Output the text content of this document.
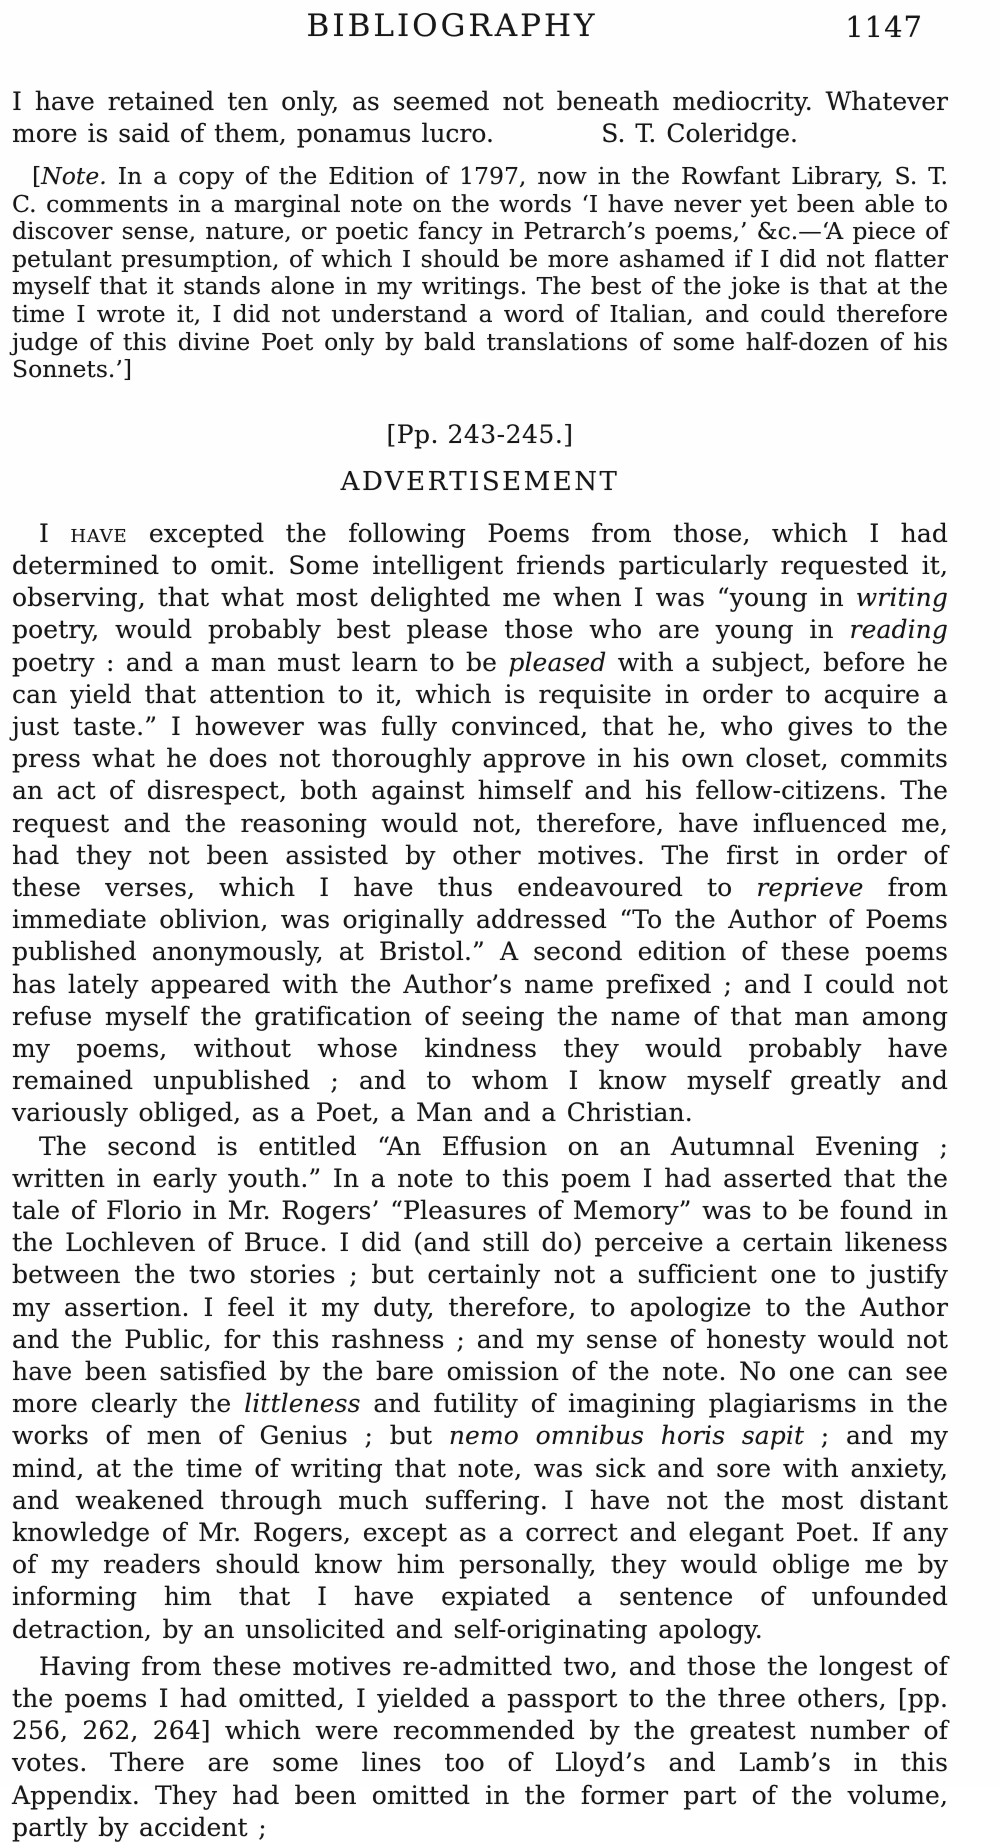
BIBLIOGRAPHY	1147

I have retained ten only, as seemed not beneath mediocrity. Whatever more is said of them, ponamus lucro.	S. T. Coleridge.

[Note. In a copy of the Edition of 1797, now in the Rowfant Library, S. T. C. comments in a marginal note on the words ‘I have never yet been able to discover sense, nature, or poetic fancy in Petrarch’s poems,’ &c.—‘A piece of petulant presumption, of which I should be more ashamed if I did not flatter myself that it stands alone in my writings. The best of the joke is that at the time I wrote it, I did not understand a word of Italian, and could therefore judge of this divine Poet only by bald translations of some half-dozen of his Sonnets.’]

[Pp. 243-245.]

ADVERTISEMENT

I have excepted the following Poems from those, which I had determined to omit. Some intelligent friends particularly requested it, observing, that what most delighted me when I was “young in writing poetry, would probably best please those who are young in reading poetry : and a man must learn to be pleased with a subject, before he can yield that attention to it, which is requisite in order to acquire a just taste.” I however was fully convinced, that he, who gives to the press what he does not thoroughly approve in his own closet, commits an act of disrespect, both against himself and his fellow-citizens. The request and the reasoning would not, therefore, have influenced me, had they not been assisted by other motives. The first in order of these verses, which I have thus endeavoured to reprieve from immediate oblivion, was originally addressed “To the Author of Poems published anonymously, at Bristol.” A second edition of these poems has lately appeared with the Author’s name prefixed ; and I could not refuse myself the gratification of seeing the name of that man among my poems, without whose kindness they would probably have remained unpublished ; and to whom I know myself greatly and variously obliged, as a Poet, a Man and a Christian.

The second is entitled “An Effusion on an Autumnal Evening ; written in early youth.” In a note to this poem I had asserted that the tale of Florio in Mr. Rogers’ “Pleasures of Memory” was to be found in the Lochleven of Bruce. I did (and still do) perceive a certain likeness between the two stories ; but certainly not a sufficient one to justify my assertion. I feel it my duty, therefore, to apologize to the Author and the Public, for this rashness ; and my sense of honesty would not have been satisfied by the bare omission of the note. No one can see more clearly the littleness and futility of imagining plagiarisms in the works of men of Genius ; but nemo omnibus horis sapit ; and my mind, at the time of writing that note, was sick and sore with anxiety, and weakened through much suffering. I have not the most distant knowledge of Mr. Rogers, except as a correct and elegant Poet. If any of my readers should know him personally, they would oblige me by informing him that I have expiated a sentence of unfounded detraction, by an unsolicited and self-originating apology.

Having from these motives re-admitted two, and those the longest of the poems I had omitted, I yielded a passport to the three others, [pp. 256, 262, 264] which were recommended by the greatest number of votes. There are some lines too of Lloyd’s and Lamb’s in this Appendix. They had been omitted in the former part of the volume, partly by accident ;
